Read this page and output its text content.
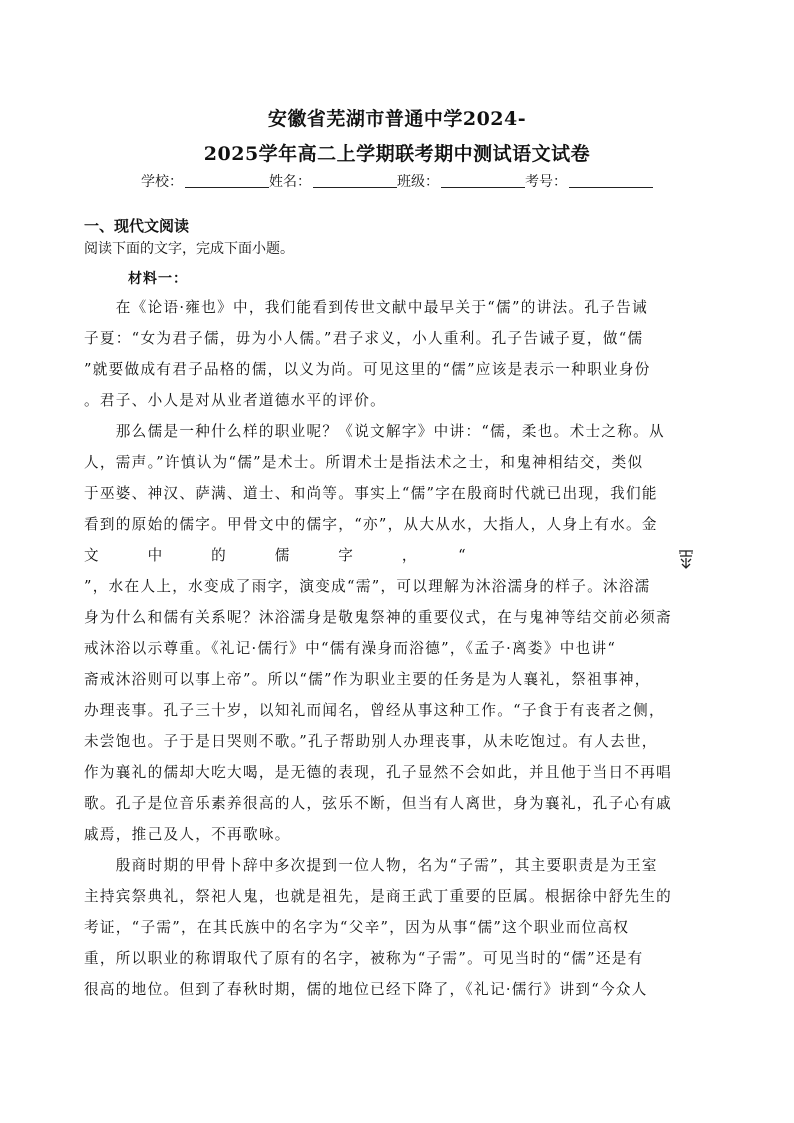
安徽省芜湖市普通中学2024-
2025学年高二上学期联考期中测试语文试卷
学校：	姓名：	班级：	考号：
一、现代文阅读
阅读下面的文字，完成下面小题。
材料一：
　　在《论语·雍也》中，我们能看到传世文献中最早关于“儒”的讲法。孔子告诫
子夏：“女为君子儒，毋为小人儒。”君子求义，小人重利。孔子告诫子夏，做“儒
”就要做成有君子品格的儒，以义为尚。可见这里的“儒”应该是表示一种职业身份
。君子、小人是对从业者道德水平的评价。
　　那么儒是一种什么样的职业呢？《说文解字》中讲：“儒，柔也。术士之称。从
人，需声。”许慎认为“儒”是术士。所谓术士是指法术之士，和鬼神相结交，类似
于巫婆、神汉、萨满、道士、和尚等。事实上“儒”字在殷商时代就已出现，我们能
看到的原始的儒字。甲骨文中的儒字，“亦”，从大从水，大指人，人身上有水。金
文　　　中　　　的　　　儒　　　字　　　，　　　“
”，水在人上，水变成了雨字，演变成“需”，可以理解为沐浴濡身的样子。沐浴濡
身为什么和儒有关系呢？沐浴濡身是敬鬼祭神的重要仪式，在与鬼神等结交前必须斋
戒沐浴以示尊重。《礼记·儒行》中“儒有澡身而浴德”，《孟子·离娄》中也讲“
斋戒沐浴则可以事上帝”。所以“儒”作为职业主要的任务是为人襄礼，祭祖事神，
办理丧事。孔子三十岁，以知礼而闻名，曾经从事这种工作。“子食于有丧者之侧，
未尝饱也。子于是日哭则不歌。”孔子帮助别人办理丧事，从未吃饱过。有人去世，
作为襄礼的儒却大吃大喝，是无德的表现，孔子显然不会如此，并且他于当日不再唱
歌。孔子是位音乐素养很高的人，弦乐不断，但当有人离世，身为襄礼，孔子心有戚
戚焉，推己及人，不再歌咏。
　　殷商时期的甲骨卜辞中多次提到一位人物，名为“子需”，其主要职责是为王室
主持宾祭典礼，祭祀人鬼，也就是祖先，是商王武丁重要的臣属。根据徐中舒先生的
考证，“子需”，在其氏族中的名字为“父辛”，因为从事“儒”这个职业而位高权
重，所以职业的称谓取代了原有的名字，被称为“子需”。可见当时的“儒”还是有
很高的地位。但到了春秋时期，儒的地位已经下降了，《礼记·儒行》讲到“今众人
